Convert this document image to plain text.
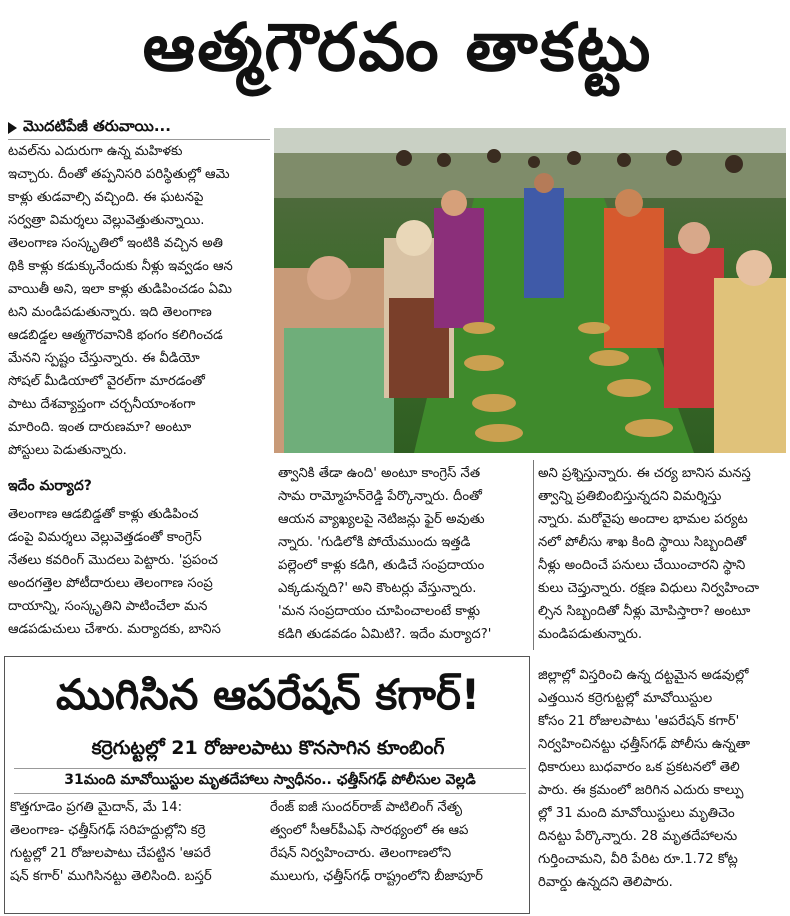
ఆత్మగౌరవం తాకట్టు
మొదటిపేజీ తరువాయి...

టవల్‌ను ఎదురుగా ఉన్న మహిళకు

ఇచ్చారు. దీంతో తప్పనిసరి పరిస్థితుల్లో ఆమె

కాళ్లు తుడవాల్సి వచ్చింది. ఈ ఘటనపై

సర్వత్రా విమర్శలు వెల్లువెత్తుతున్నాయి.

తెలంగాణ సంస్కృతిలో ఇంటికి వచ్చిన అతి

థికి కాళ్లు కడుక్కునేందుకు నీళ్లు ఇవ్వడం ఆన

వాయితీ అని, ఇలా కాళ్లు తుడిపించడం ఏమి

టని మండిపడుతున్నారు. ఇది తెలంగాణ

ఆడబిడ్డల ఆత్మగౌరవానికి భంగం కలిగించడ

మేనని స్పష్టం చేస్తున్నారు. ఈ వీడియో

సోషల్ మీడియాలో వైరల్‌గా మారడంతో

పాటు దేశవ్యాప్తంగా చర్చనీయాంశంగా

మారింది. ఇంత దారుణమా? అంటూ

పోస్టులు పెడుతున్నారు.

ఇదేం మర్యాద?

తెలంగాణ ఆడబిడ్డతో కాళ్లు తుడిపించ

డంపై విమర్శలు వెల్లువెత్తడంతో కాంగ్రెస్

నేతలు కవరింగ్ మొదలు పెట్టారు. 'ప్రపంచ

అందగత్తెల పోటీదారులు తెలంగాణ సంప్ర

దాయాన్ని, సంస్కృతిని పాటించేలా మన

ఆడపడుచులు చేశారు. మర్యాదకు, బానిస

త్వానికి తేడా ఉంది' అంటూ కాంగ్రెస్ నేత

సామ రామ్మోహన్‌రెడ్డి పేర్కొన్నారు. దీంతో

ఆయన వ్యాఖ్యలపై నెటిజన్లు ఫైర్ అవుతు

న్నారు. 'గుడిలోకి పోయేముందు ఇత్తడి

పల్లెంలో కాళ్లు కడిగి, తుడిచే సంప్రదాయం

ఎక్కడున్నది?' అని కౌంటర్లు వేస్తున్నారు.

'మన సంప్రదాయం చూపించాలంటే కాళ్లు

కడిగి తుడవడం ఏమిటి?. ఇదేం మర్యాద?'

అని ప్రశ్నిస్తున్నారు. ఈ చర్య బానిస మనస్త

త్వాన్ని ప్రతిబింబిస్తున్నదని విమర్శిస్తు

న్నారు. మరోవైపు అందాల భామల పర్యట

నలో పోలీసు శాఖ కింది స్థాయి సిబ్బందితో

నీళ్లు అందించే పనులు చేయించారని స్థాని

కులు చెప్తున్నారు. రక్షణ విధులు నిర్వహించా

ల్సిన సిబ్బందితో నీళ్లు మోపిస్తారా? అంటూ

మండిపడుతున్నారు.

ముగిసిన ఆపరేషన్ కగార్!
కర్రెగుట్టల్లో 21 రోజులపాటు కొనసాగిన కూంబింగ్
31మంది మావోయిస్టుల మృతదేహాలు స్వాధీనం.. ఛత్తీస్‌గఢ్ పోలీసుల వెల్లడి

కొత్తగూడెం ప్రగతి మైదాన్, మే 14:

తెలంగాణ- ఛత్తీస్‌గఢ్ సరిహద్దుల్లోని కర్రె

గుట్టల్లో 21 రోజులపాటు చేపట్టిన 'ఆపరే

షన్ కగార్' ముగిసినట్టు తెలిసింది. బస్తర్

రేంజ్ ఐజీ సుందర్‌రాజ్ పాటిలింగ్ నేతృ

త్వంలో సీఆర్‌పీఎఫ్ సారథ్యంలో ఈ ఆప

రేషన్ నిర్వహించారు. తెలంగాణలోని

ములుగు, ఛత్తీస్‌గఢ్ రాష్ట్రంలోని బీజాపూర్

జిల్లాల్లో విస్తరించి ఉన్న దట్టమైన అడవుల్లో

ఎత్తయిన కర్రెగుట్టల్లో మావోయిస్టుల

కోసం 21 రోజులపాటు 'ఆపరేషన్ కగార్'

నిర్వహించినట్టు ఛత్తీస్‌గఢ్ పోలీసు ఉన్నతా

ధికారులు బుధవారం ఒక ప్రకటనలో తెలి

పారు. ఈ క్రమంలో జరిగిన ఎదురు కాల్పు

ల్లో 31 మంది మావోయిస్టులు మృతిచెం

దినట్టు పేర్కొన్నారు. 28 మృతదేహాలను

గుర్తించామని, వీరి పేరిట రూ.1.72 కోట్ల

రివార్డు ఉన్నదని తెలిపారు.
